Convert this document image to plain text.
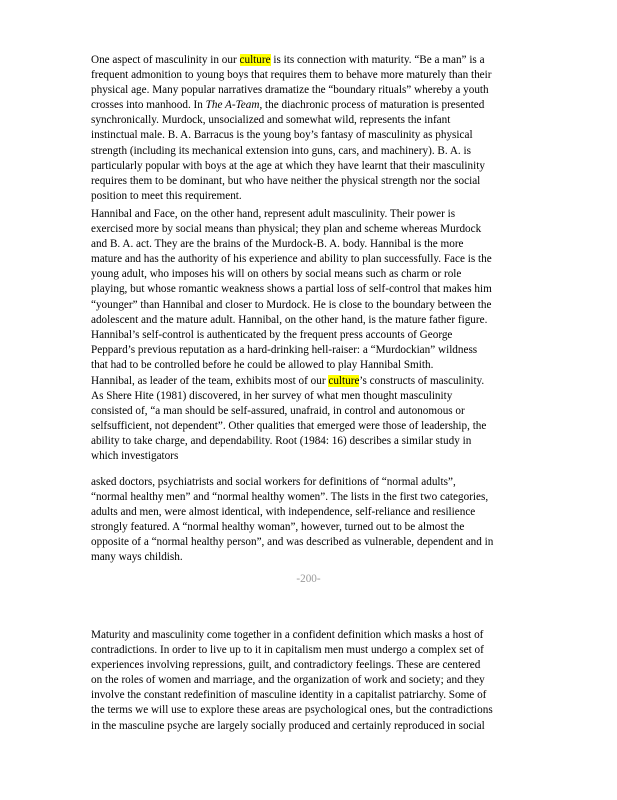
One aspect of masculinity in our culture is its connection with maturity. “Be a man” is a
frequent admonition to young boys that requires them to behave more maturely than their
physical age. Many popular narratives dramatize the “boundary rituals” whereby a youth
crosses into manhood. In The A-Team, the diachronic process of maturation is presented
synchronically. Murdock, unsocialized and somewhat wild, represents the infant
instinctual male. B. A. Barracus is the young boy’s fantasy of masculinity as physical
strength (including its mechanical extension into guns, cars, and machinery). B. A. is
particularly popular with boys at the age at which they have learnt that their masculinity
requires them to be dominant, but who have neither the physical strength nor the social
position to meet this requirement.
Hannibal and Face, on the other hand, represent adult masculinity. Their power is
exercised more by social means than physical; they plan and scheme whereas Murdock
and B. A. act. They are the brains of the Murdock-B. A. body. Hannibal is the more
mature and has the authority of his experience and ability to plan successfully. Face is the
young adult, who imposes his will on others by social means such as charm or role
playing, but whose romantic weakness shows a partial loss of self-control that makes him
“younger” than Hannibal and closer to Murdock. He is close to the boundary between the
adolescent and the mature adult. Hannibal, on the other hand, is the mature father figure.
Hannibal’s self-control is authenticated by the frequent press accounts of George
Peppard’s previous reputation as a hard-drinking hell-raiser: a “Murdockian” wildness
that had to be controlled before he could be allowed to play Hannibal Smith.
Hannibal, as leader of the team, exhibits most of our culture’s constructs of masculinity.
As Shere Hite (1981) discovered, in her survey of what men thought masculinity
consisted of, “a man should be self-assured, unafraid, in control and autonomous or
selfsufficient, not dependent”. Other qualities that emerged were those of leadership, the
ability to take charge, and dependability. Root (1984: 16) describes a similar study in
which investigators
asked doctors, psychiatrists and social workers for definitions of “normal adults”,
“normal healthy men” and “normal healthy women”. The lists in the first two categories,
adults and men, were almost identical, with independence, self-reliance and resilience
strongly featured. A “normal healthy woman”, however, turned out to be almost the
opposite of a “normal healthy person”, and was described as vulnerable, dependent and in
many ways childish.
-200-
Maturity and masculinity come together in a confident definition which masks a host of
contradictions. In order to live up to it in capitalism men must undergo a complex set of
experiences involving repressions, guilt, and contradictory feelings. These are centered
on the roles of women and marriage, and the organization of work and society; and they
involve the constant redefinition of masculine identity in a capitalist patriarchy. Some of
the terms we will use to explore these areas are psychological ones, but the contradictions
in the masculine psyche are largely socially produced and certainly reproduced in social
